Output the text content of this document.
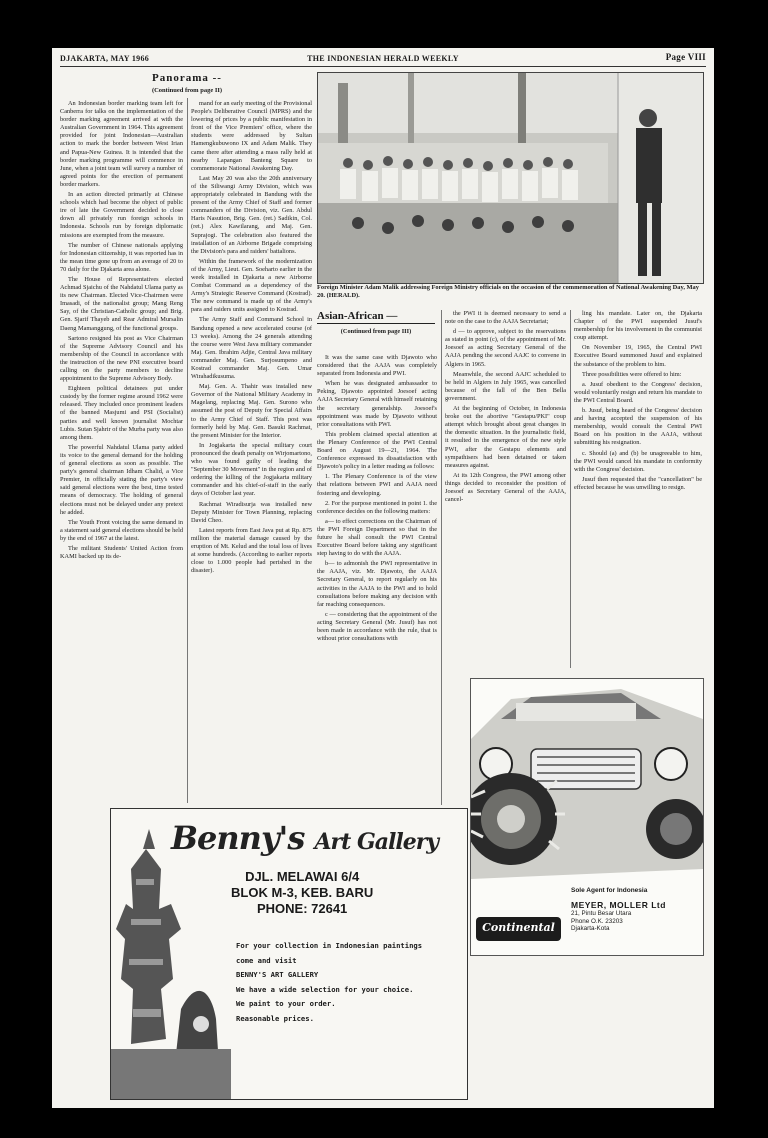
DJAKARTA, MAY 1966	THE INDONESIAN HERALD WEEKLY	Page VIII

An Indonesian border marking team left for Canberra for talks on the implementation of the border marking agreement arrived at with the Australian Government in 1964. This agreement provided for joint Indonesian—Australian action to mark the border between West Irian and Papua-New Guinea. It is intended that the border marking programme will commence in June, when a joint team will survey a number of agreed points for the erection of permanent border markers.

In an action directed primarily at Chinese schools which had become the object of public ire of late the Government decided to close down all privately run foreign schools in Indonesia. Schools run by foreign diplomatic missions are exempted from the measure.

The number of Chinese nationals applying for Indonesian citizenship, it was reported has in the mean time gone up from an average of 20 to 70 daily for the Djakarta area alone.

The House of Representatives elected Achmad Sjaichu of the Nahdatul Ulama party as its new Chairman. Elected Vice-Chairmen were Imasadi, of the nationalist group; Mang Reng Say, of the Christian-Catholic group; and Brig. Gen. Sjarif Thayeb and Rear Admiral Mursalin Daeng Mamanggung, of the functional groups.

Sartono resigned his post as Vice Chairman of the Supreme Advisory Council and his membership of the Council in accordance with the instruction of the new PNI executive board calling on the party members to decline appointment to the Supreme Advisory Body.

Eighteen political detainees put under custody by the former regime around 1962 were released. They included once prominent leaders of the banned Masjumi and PSI (Socialist) parties and well known journalist Mochtar Lubis. Sutan Sjahrir of the Murba party was also among them.

The powerful Nahdatul Ulama party added its voice to the general demand for the holding of general elections as soon as possible. The party's general chairman Idham Chalid, a Vice Premier, in officially stating the party's view said general elections were the best, time tested means of democracy. The holding of general elections must not be delayed under any pretext he added.

The Youth Front voicing the same demand in a statement said general elections should be held by the end of 1967 at the latest.

The militant Students' United Action from KAMI backed up its de-

Panorama --
(Continued from page II)

mand for an early meeting of the Provisional People's Deliberative Council (MPRS) and the lowering of prices by a public manifestation in front of the Vice Premiers' office, where the students were addressed by Sultan Hamengkubuwono IX and Adam Malik. They came there after attending a mass rally held at nearby Lapangan Banteng Square to commemorate National Awakening Day.

Last May 20 was also the 20th anniversary of the Siliwangi Army Division, which was appropriately celebrated in Bandung with the present of the Army Chief of Staff and former commanders of the Division, viz. Gen. Abdul Haris Nasution, Brig. Gen. (ret.) Sadikin, Col. (ret.) Alex Kawilarang, and Maj. Gen. Suprajogi. The celebration also featured the installation of an Airborne Brigade comprising the Division's para and raiders' battalions.

Within the framework of the modernization of the Army, Lieut. Gen. Soeharto earlier in the week installed in Djakarta a new Airborne Combat Command as a dependency of the Army's Strategic Reserve Command (Kostrad). The new command is made up of the Army's para and raiders units assigned to Kostrad.

The Army Staff and Command School in Bandung opened a new accelerated course (of 13 weeks). Among the 24 generals attending the course were West Java military commander Maj. Gen. Ibrahim Adjie, Central Java military commander Maj. Gen. Surjosumpeno and Kostrad commander Maj. Gen. Umar Wirahadikusuma.

Maj. Gen. A. Thahir was installed new Governor of the National Military Academy in Magelang, replacing Maj. Gen. Surono who assumed the post of Deputy for Special Affairs to the Army Chief of Staff. This post was formerly held by Maj. Gen. Basuki Rachmat, the present Minister for the Interior.

In Jogjakarta the special military court pronounced the death penalty on Wirjomartono, who was found guilty of leading the "September 30 Movement" in the region and of ordering the killing of the Jogjakarta military commander and his chief-of-staff in the early days of October last year.

Rachmat Wiradisurja was installed new Deputy Minister for Town Planning, replacing David Cheo.

Latest reports from East Java put at Rp. 875 million the material damage caused by the eruption of Mt. Kelud and the total loss of lives at some hundreds. (According to earlier reports close to 1.000 people had perished in the disaster).

Foreign Minister Adam Malik addressing Foreign Ministry officials on the occasion of the commemoration of National Awakening Day, May 20. (HERALD).
Asian-African —
(Continued from page III)

It was the same case with Djawoto who considered that the AAJA was completely separated from Indonesia and PWI.

When he was designated ambassador to Peking, Djawoto appointed Joesoef acting AAJA Secretary General with himself retaining the secretary generalship. Joesoef's appointment was made by Djawoto without prior consultations with PWI.

This problem claimed special attention at the Plenary Conference of the PWI Central Board on August 19—21, 1964. The Conference expressed its dissatisfaction with Djawoto's policy in a letter reading as follows:

1. The Plenary Conference is of the view that relations between PWI and AAJA need fostering and developing.

2. For the purpose mentioned in point 1. the conference decides on the following matters:

a— to effect corrections on the Chairman of the PWI Foreign Department so that in the future he shall consult the PWI Central Executive Board before taking any significant step having to do with the AAJA.

b— to admonish the PWI representative in the AAJA, viz. Mr. Djawoto, the AAJA Secretary General, to report regularly on his activities in the AAJA to the PWI and to hold consultations before making any decision with far reaching consequences.

c — considering that the appointment of the acting Secretary General (Mr. Jusuf) has not been made in accordance with the rule, that is without prior consultations with

the PWI it is deemed necessary to send a note on the case to the AAJA Secretariat;

d — to approve, subject to the reservations as stated in point (c), of the appointment of Mr. Joesoef as acting Secretary General of the AAJA pending the second AAJC to convene in Algiers in 1965.

Meanwhile, the second AAJC scheduled to be held in Algiers in July 1965, was cancelled because of the fall of the Ben Bella government.

At the beginning of October, in Indonesia broke out the abortive "Gestapu/PKI" coup attempt which brought about great changes in the domestic situation. In the journalistic field, it resulted in the emergence of the new style PWI, after the Gestapu elements and sympathisers had been detained or taken measures against.

At its 12th Congress, the PWI among other things decided to reconsider the position of Joesoef as Secretary General of the AAJA, cancel-

ling his mandate. Later on, the Djakarta Chapter of the PWI suspended Jusuf's membership for his involvement in the communist coup attempt.

On November 19, 1965, the Central PWI Executive Board summoned Jusuf and explained the substance of the problem to him.

Three possibilities were offered to him:

a. Jusuf obedient to the Congress' decision, would voluntarily resign and return his mandate to the PWI Central Board.

b. Jusuf, being heard of the Congress' decision and having accepted the suspension of his membership, would consult the Central PWI Board on his position in the AAJA, without submitting his resignation.

c. Should (a) and (b) be unagreeable to him, the PWI would cancel his mandate in conformity with the Congress' decision.

Jusuf then requested that the "cancellation" be effected because he was unwilling to resign.

Continental
Sole Agent for Indonesia
MEYER, MOLLER Ltd
21, Pintu Besar Utara
Phone O.K. 23203
Djakarta-Kota
Benny's Art Gallery
DJL. MELAWAI 6/4
BLOK M-3, KEB. BARU
PHONE: 72641
For your collection in Indonesian paintings
come and visit
BENNY'S ART GALLERY
We have a wide selection for your choice.
We paint to your order.
Reasonable prices.
